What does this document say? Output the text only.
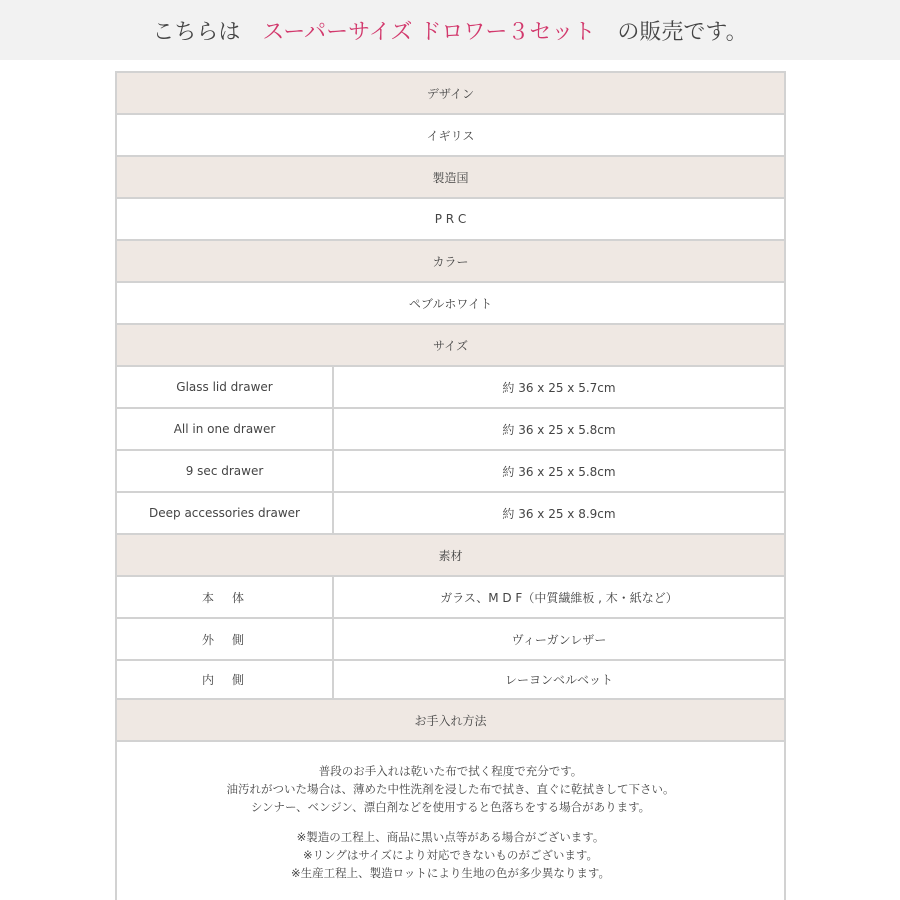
こちらは　 スーパーサイズ ドロワー３セット 　の販売です。
デザイン
イギリス
製造国
P R C
カラー
ペブルホワイト
サイズ
Glass lid drawer	約 36 x 25 x 5.7cm
All in one drawer	約 36 x 25 x 5.8cm
9 sec drawer	約 36 x 25 x 5.8cm
Deep accessories drawer	約 36 x 25 x 8.9cm
素材
本　体	ガラス、M D F（中質繊維板 , 木・紙など）
外　側	ヴィーガンレザー
内　側	レーヨンベルベット
お手入れ方法
普段のお手入れは乾いた布で拭く程度で充分です。
油汚れがついた場合は、薄めた中性洗剤を浸した布で拭き、直ぐに乾拭きして下さい。
シンナー、ベンジン、漂白剤などを使用すると色落ちをする場合があります。
※製造の工程上、商品に黒い点等がある場合がございます。
※リングはサイズにより対応できないものがございます。
※生産工程上、製造ロットにより生地の色が多少異なります。
